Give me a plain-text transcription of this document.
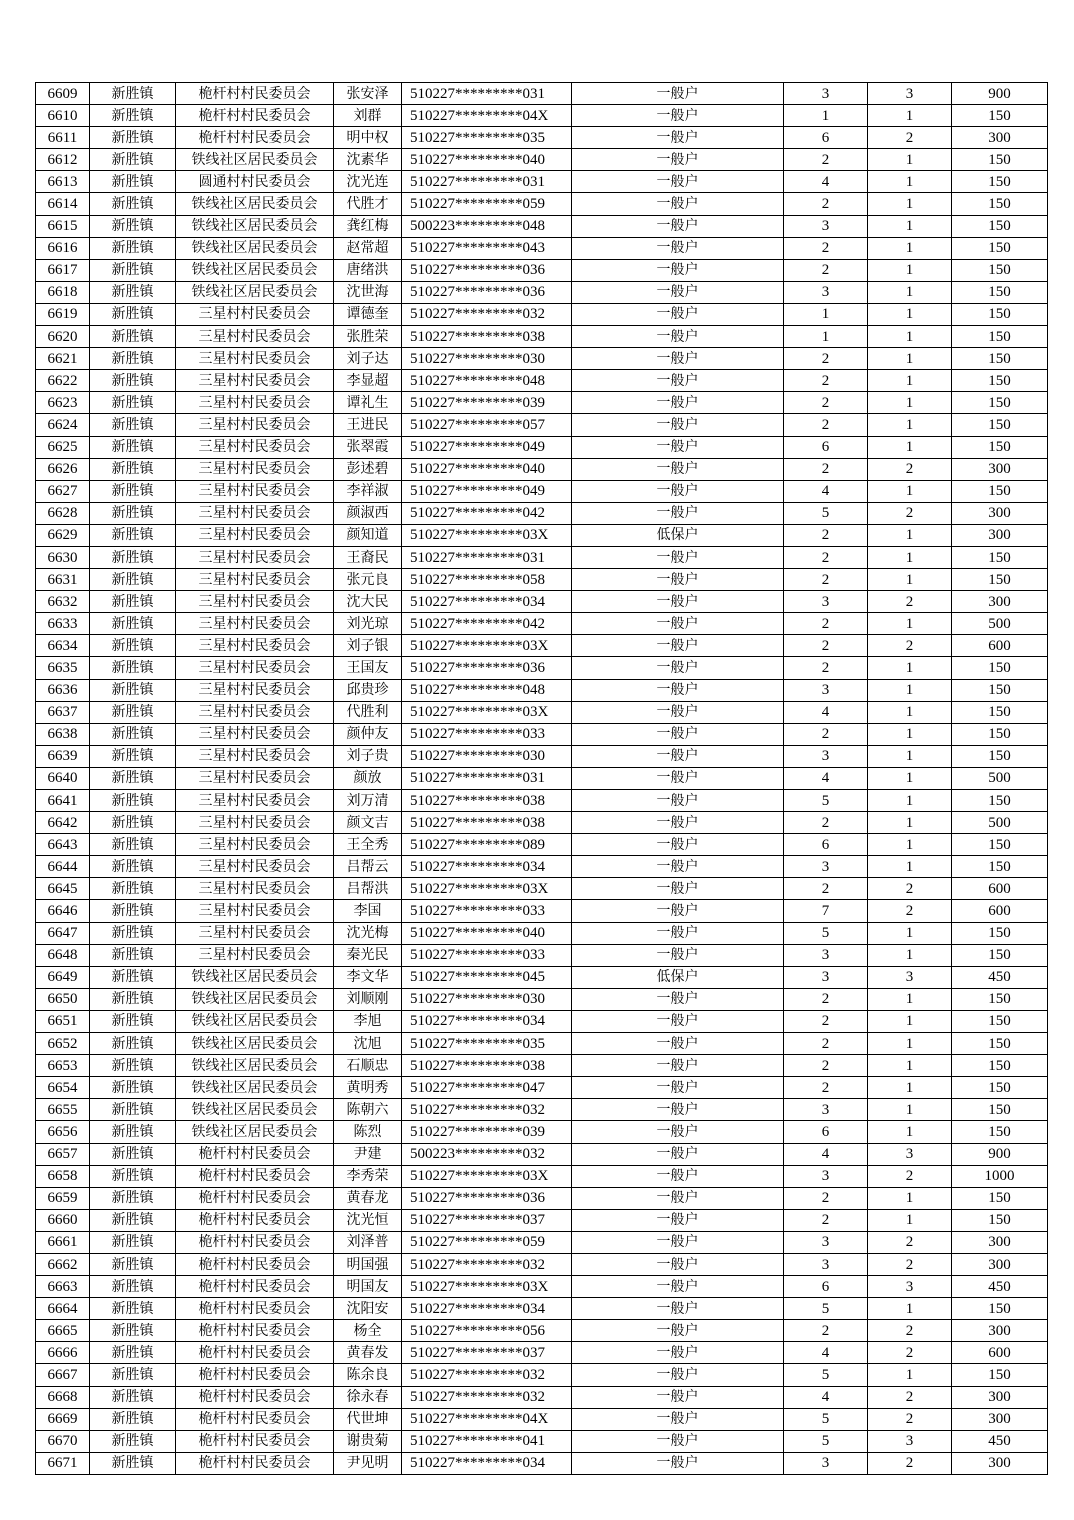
6609	新胜镇	桅杆村村民委员会	张安泽	510227*********031	一般户	3	3	900
6610	新胜镇	桅杆村村民委员会	刘群	510227*********04X	一般户	1	1	150
6611	新胜镇	桅杆村村民委员会	明中权	510227*********035	一般户	6	2	300
6612	新胜镇	铁线社区居民委员会	沈素华	510227*********040	一般户	2	1	150
6613	新胜镇	圆通村村民委员会	沈光连	510227*********031	一般户	4	1	150
6614	新胜镇	铁线社区居民委员会	代胜才	510227*********059	一般户	2	1	150
6615	新胜镇	铁线社区居民委员会	龚红梅	500223*********048	一般户	3	1	150
6616	新胜镇	铁线社区居民委员会	赵常超	510227*********043	一般户	2	1	150
6617	新胜镇	铁线社区居民委员会	唐绪洪	510227*********036	一般户	2	1	150
6618	新胜镇	铁线社区居民委员会	沈世海	510227*********036	一般户	3	1	150
6619	新胜镇	三星村村民委员会	谭德奎	510227*********032	一般户	1	1	150
6620	新胜镇	三星村村民委员会	张胜荣	510227*********038	一般户	1	1	150
6621	新胜镇	三星村村民委员会	刘子达	510227*********030	一般户	2	1	150
6622	新胜镇	三星村村民委员会	李显超	510227*********048	一般户	2	1	150
6623	新胜镇	三星村村民委员会	谭礼生	510227*********039	一般户	2	1	150
6624	新胜镇	三星村村民委员会	王进民	510227*********057	一般户	2	1	150
6625	新胜镇	三星村村民委员会	张翠霞	510227*********049	一般户	6	1	150
6626	新胜镇	三星村村民委员会	彭述碧	510227*********040	一般户	2	2	300
6627	新胜镇	三星村村民委员会	李祥淑	510227*********049	一般户	4	1	150
6628	新胜镇	三星村村民委员会	颜淑西	510227*********042	一般户	5	2	300
6629	新胜镇	三星村村民委员会	颜知道	510227*********03X	低保户	2	1	300
6630	新胜镇	三星村村民委员会	王裔民	510227*********031	一般户	2	1	150
6631	新胜镇	三星村村民委员会	张元良	510227*********058	一般户	2	1	150
6632	新胜镇	三星村村民委员会	沈大民	510227*********034	一般户	3	2	300
6633	新胜镇	三星村村民委员会	刘光琼	510227*********042	一般户	2	1	500
6634	新胜镇	三星村村民委员会	刘子银	510227*********03X	一般户	2	2	600
6635	新胜镇	三星村村民委员会	王国友	510227*********036	一般户	2	1	150
6636	新胜镇	三星村村民委员会	邱贵珍	510227*********048	一般户	3	1	150
6637	新胜镇	三星村村民委员会	代胜利	510227*********03X	一般户	4	1	150
6638	新胜镇	三星村村民委员会	颜仲友	510227*********033	一般户	2	1	150
6639	新胜镇	三星村村民委员会	刘子贵	510227*********030	一般户	3	1	150
6640	新胜镇	三星村村民委员会	颜放	510227*********031	一般户	4	1	500
6641	新胜镇	三星村村民委员会	刘万清	510227*********038	一般户	5	1	150
6642	新胜镇	三星村村民委员会	颜文吉	510227*********038	一般户	2	1	500
6643	新胜镇	三星村村民委员会	王全秀	510227*********089	一般户	6	1	150
6644	新胜镇	三星村村民委员会	吕帮云	510227*********034	一般户	3	1	150
6645	新胜镇	三星村村民委员会	吕帮洪	510227*********03X	一般户	2	2	600
6646	新胜镇	三星村村民委员会	李国	510227*********033	一般户	7	2	600
6647	新胜镇	三星村村民委员会	沈光梅	510227*********040	一般户	5	1	150
6648	新胜镇	三星村村民委员会	秦光民	510227*********033	一般户	3	1	150
6649	新胜镇	铁线社区居民委员会	李文华	510227*********045	低保户	3	3	450
6650	新胜镇	铁线社区居民委员会	刘顺刚	510227*********030	一般户	2	1	150
6651	新胜镇	铁线社区居民委员会	李旭	510227*********034	一般户	2	1	150
6652	新胜镇	铁线社区居民委员会	沈旭	510227*********035	一般户	2	1	150
6653	新胜镇	铁线社区居民委员会	石顺忠	510227*********038	一般户	2	1	150
6654	新胜镇	铁线社区居民委员会	黄明秀	510227*********047	一般户	2	1	150
6655	新胜镇	铁线社区居民委员会	陈朝六	510227*********032	一般户	3	1	150
6656	新胜镇	铁线社区居民委员会	陈烈	510227*********039	一般户	6	1	150
6657	新胜镇	桅杆村村民委员会	尹建	500223*********032	一般户	4	3	900
6658	新胜镇	桅杆村村民委员会	李秀荣	510227*********03X	一般户	3	2	1000
6659	新胜镇	桅杆村村民委员会	黄春龙	510227*********036	一般户	2	1	150
6660	新胜镇	桅杆村村民委员会	沈光恒	510227*********037	一般户	2	1	150
6661	新胜镇	桅杆村村民委员会	刘泽普	510227*********059	一般户	3	2	300
6662	新胜镇	桅杆村村民委员会	明国强	510227*********032	一般户	3	2	300
6663	新胜镇	桅杆村村民委员会	明国友	510227*********03X	一般户	6	3	450
6664	新胜镇	桅杆村村民委员会	沈阳安	510227*********034	一般户	5	1	150
6665	新胜镇	桅杆村村民委员会	杨全	510227*********056	一般户	2	2	300
6666	新胜镇	桅杆村村民委员会	黄春发	510227*********037	一般户	4	2	600
6667	新胜镇	桅杆村村民委员会	陈余良	510227*********032	一般户	5	1	150
6668	新胜镇	桅杆村村民委员会	徐永春	510227*********032	一般户	4	2	300
6669	新胜镇	桅杆村村民委员会	代世坤	510227*********04X	一般户	5	2	300
6670	新胜镇	桅杆村村民委员会	谢贵菊	510227*********041	一般户	5	3	450
6671	新胜镇	桅杆村村民委员会	尹见明	510227*********034	一般户	3	2	300
